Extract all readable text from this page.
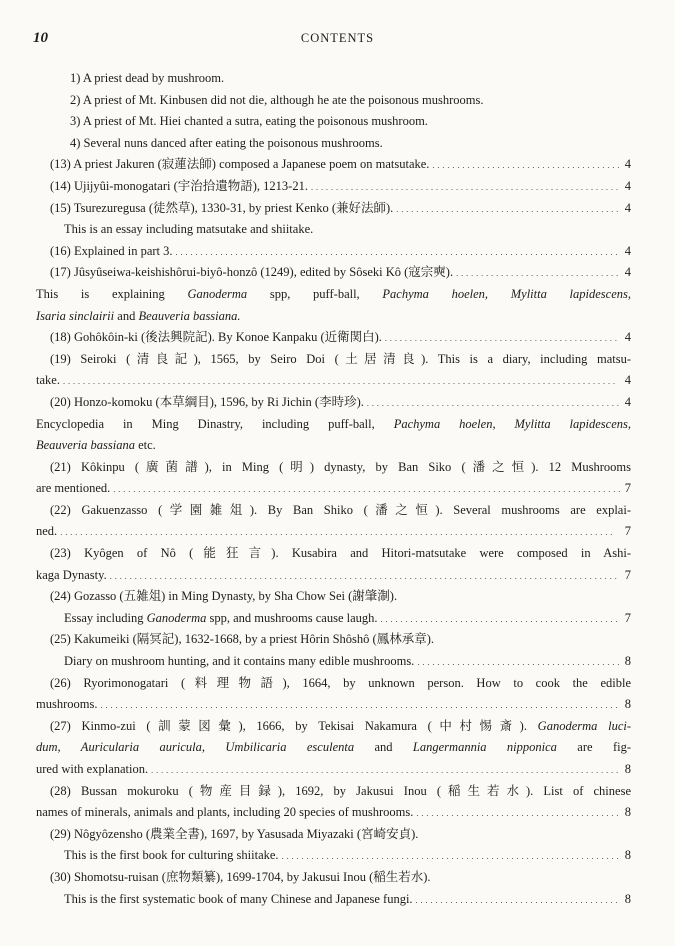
10	CONTENTS
1) A priest dead by mushroom.
2) A priest of Mt. Kinbusen did not die, although he ate the poisonous mushrooms.
3) A priest of Mt. Hiei chanted a sutra, eating the poisonous mushroom.
4) Several nuns danced after eating the poisonous mushrooms.
(13) A priest Jakuren (寂蓮法師) composed a Japanese poem on matsutake. . . .	4
(14) Ujijyûi-monogatari (宇治拾遺物語), 1213-21. . . .	4
(15) Tsurezuregusa (徒然草), 1330-31, by priest Kenko (兼好法師). . . .	4
This is an essay including matsutake and shiitake.
(16) Explained in part 3. . . .	4
(17) Jûsyûseiwa-keishishôrui-biyô-honzô (1249), edited by Sôseki Kô (寇宗奭). . . .	4
This is explaining Ganoderma spp, puff-ball, Pachyma hoelen, Mylitta lapidescens,
Isaria sinclairii and Beauveria bassiana.
(18) Gohôkôin-ki (後法興院記). By Konoe Kanpaku (近衛関白). . . .	4
(19) Seiroki (清良記), 1565, by Seiro Doi (土居清良). This is a diary, including matsu-
take. . . .	4
(20) Honzo-komoku (本草綱目), 1596, by Ri Jichin (李時珍). . . .	4
Encyclopedia in Ming Dinastry, including puff-ball, Pachyma hoelen, Mylitta lapidescens,
Beauveria bassiana etc.
(21) Kôkinpu (廣菌譜), in Ming (明) dynasty, by Ban Siko (潘之恒). 12 Mushrooms
are mentioned. . . .	7
(22) Gakuenzasso (学園雑俎). By Ban Shiko (潘之恒). Several mushrooms are explai-
ned. . . .	7
(23) Kyôgen of Nô (能狂言). Kusabira and Hitori-matsutake were composed in Ashi-
kaga Dynasty. . . .	7
(24) Gozasso (五雑俎) in Ming Dynasty, by Sha Chow Sei (謝肇淛).
Essay including Ganoderma spp, and mushrooms cause laugh. . . .	7
(25) Kakumeiki (隔冥記), 1632-1668, by a priest Hôrin Shôshô (鳳林承章).
Diary on mushroom hunting, and it contains many edible mushrooms. . . .	8
(26) Ryorimonogatari (料理物語), 1664, by unknown person. How to cook the edible
mushrooms. . . .	8
(27) Kinmo-zui (訓蒙図彙), 1666, by Tekisai Nakamura (中村惕斎). Ganoderma luci-
dum, Auricularia auricula, Umbilicaria esculenta and Langermannia nipponica are fig-
ured with explanation. . . .	8
(28) Bussan mokuroku (物産目録), 1692, by Jakusui Inou (稲生若水). List of chinese
names of minerals, animals and plants, including 20 species of mushrooms. . . .	8
(29) Nôgyôzensho (農業全書), 1697, by Yasusada Miyazaki (宮崎安貞).
This is the first book for culturing shiitake. . . .	8
(30) Shomotsu-ruisan (庶物類纂), 1699-1704, by Jakusui Inou (稲生若水).
This is the first systematic book of many Chinese and Japanese fungi. . . .	8
